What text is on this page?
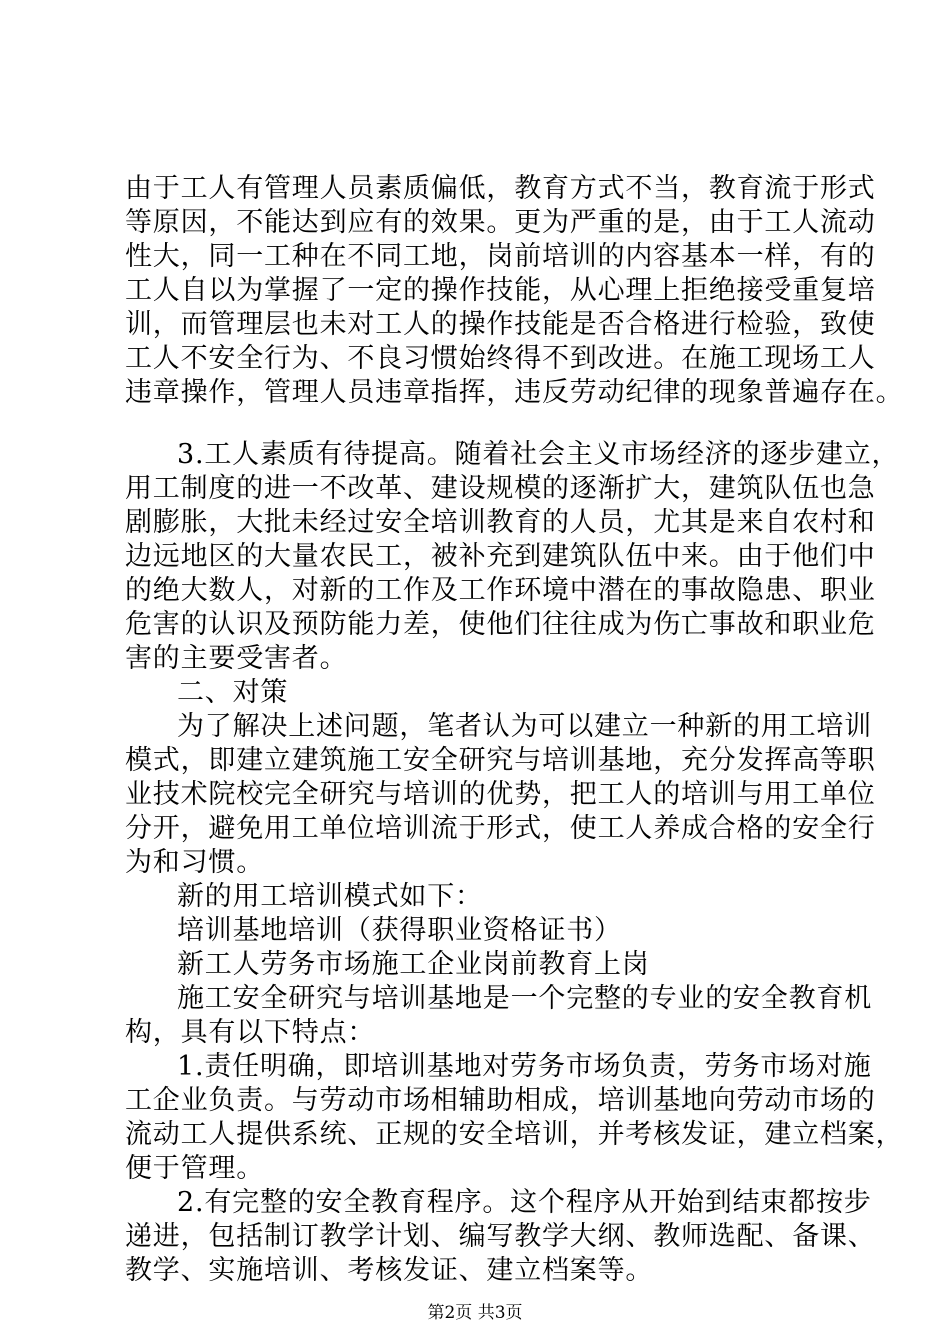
由于工人有管理人员素质偏低，教育方式不当，教育流于形式
等原因，不能达到应有的效果。更为严重的是，由于工人流动
性大，同一工种在不同工地，岗前培训的内容基本一样，有的
工人自以为掌握了一定的操作技能，从心理上拒绝接受重复培
训，而管理层也未对工人的操作技能是否合格进行检验，致使
工人不安全行为、不良习惯始终得不到改进。在施工现场工人
违章操作，管理人员违章指挥，违反劳动纪律的现象普遍存在。
3.工人素质有待提高。随着社会主义市场经济的逐步建立，
用工制度的进一不改革、建设规模的逐渐扩大，建筑队伍也急
剧膨胀，大批未经过安全培训教育的人员，尤其是来自农村和
边远地区的大量农民工，被补充到建筑队伍中来。由于他们中
的绝大数人，对新的工作及工作环境中潜在的事故隐患、职业
危害的认识及预防能力差，使他们往往成为伤亡事故和职业危
害的主要受害者。
二、对策
为了解决上述问题，笔者认为可以建立一种新的用工培训
模式，即建立建筑施工安全研究与培训基地，充分发挥高等职
业技术院校完全研究与培训的优势，把工人的培训与用工单位
分开，避免用工单位培训流于形式，使工人养成合格的安全行
为和习惯。
新的用工培训模式如下：
培训基地培训（获得职业资格证书）
新工人劳务市场施工企业岗前教育上岗
施工安全研究与培训基地是一个完整的专业的安全教育机
构，具有以下特点：
1.责任明确，即培训基地对劳务市场负责，劳务市场对施
工企业负责。与劳动市场相辅助相成，培训基地向劳动市场的
流动工人提供系统、正规的安全培训，并考核发证，建立档案，
便于管理。
2.有完整的安全教育程序。这个程序从开始到结束都按步
递进，包括制订教学计划、编写教学大纲、教师选配、备课、
教学、实施培训、考核发证、建立档案等。
第2页 共3页
